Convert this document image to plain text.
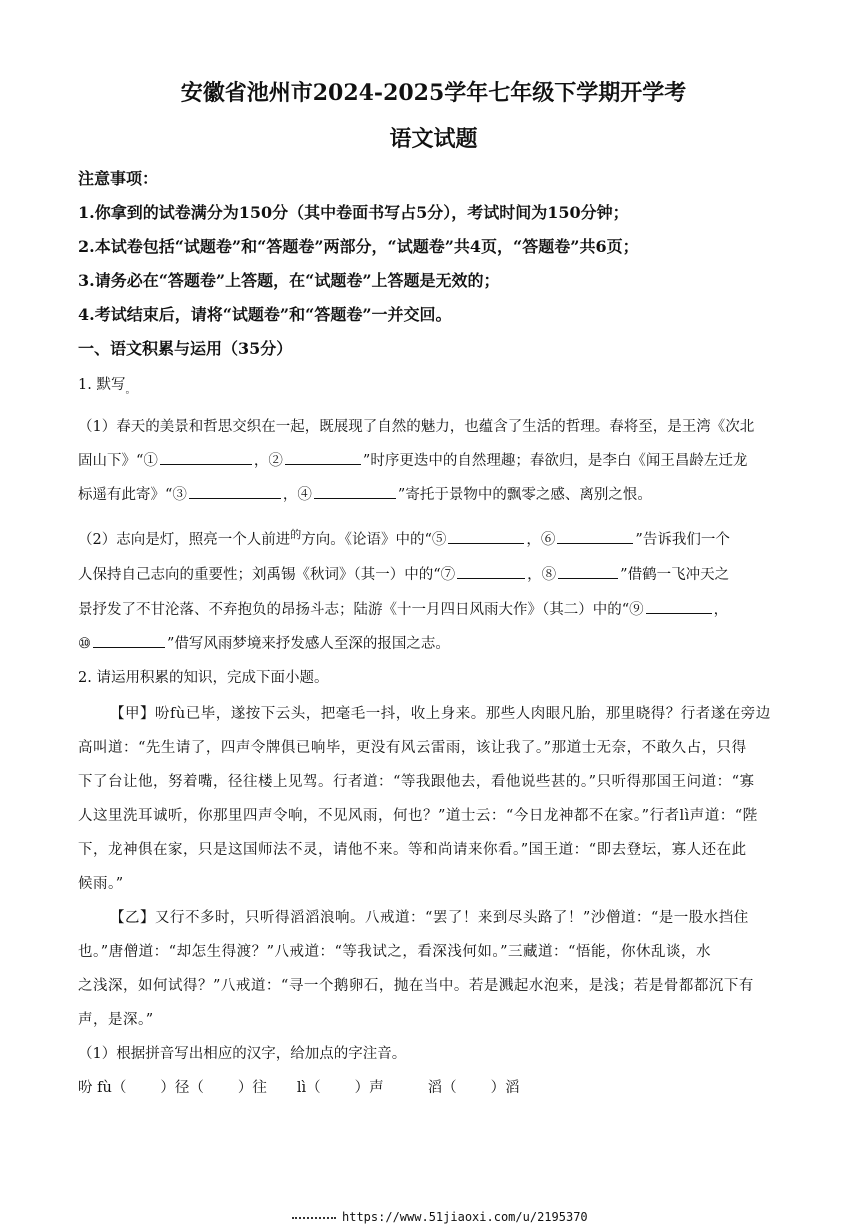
安徽省池州市2024-2025学年七年级下学期开学考
语文试题
注意事项：
1.你拿到的试卷满分为150分（其中卷面书写占5分），考试时间为150分钟；
2.本试卷包括“试题卷”和“答题卷”两部分，“试题卷”共4页，“答题卷”共6页；
3.请务必在“答题卷”上答题，在“试题卷”上答题是无效的；
4.考试结束后，请将“试题卷”和“答题卷”一并交回。
一、语文积累与运用（35分）
1. 默写$_。$
（1）春天的美景和哲思交织在一起，既展现了自然的魅力，也蕴含了生活的哲理。春将至，是王湾《次北
固山下》“①	，②	”时序更迭中的自然理趣；春欲归，是李白《闻王昌龄左迁龙
标遥有此寄》“③	，④	”寄托于景物中的飘零之感、离别之恨。
（2）志向是灯，照亮一个人前进$^的$方向。《论语》中的“⑤	，⑥	”告诉我们一个
人保持自己志向的重要性；刘禹锡《秋词》（其一）中的“⑦	，⑧	”借鹤一飞冲天之
景抒发了不甘沦落、不弃抱负的昂扬斗志；陆游《十一月四日风雨大作》（其二）中的“⑨	，
⑩	”借写风雨梦境来抒发感人至深的报国之志。
2. 请运用积累的知识，完成下面小题。
【甲】吩fù已毕，遂按下云头，把毫毛一抖，收上身来。那些人肉眼凡胎，那里晓得？行者遂在旁边
高叫道：“先生请了，四声令牌俱已响毕，更没有风云雷雨，该让我了。”那道士无奈，不敢久占，只得
下了台让他，努着嘴，径往楼上见驾。行者道：“等我跟他去，看他说些甚的。”只听得那国王问道：“寡
人这里洗耳诚听，你那里四声令响，不见风雨，何也？”道士云：“今日龙神都不在家。”行者lì声道：“陛
下，龙神俱在家，只是这国师法不灵，请他不来。等和尚请来你看。”国王道：“即去登坛，寡人还在此
候雨。”
【乙】又行不多时，只听得滔滔浪响。八戒道：“罢了！来到尽头路了！”沙僧道：“是一股水挡住
也。”唐僧道：“却怎生得渡？”八戒道：“等我试之，看深浅何如。”三藏道：“悟能，你休乱谈，水
之浅深，如何试得？”八戒道：“寻一个鹅卵石，抛在当中。若是溅起水泡来，是浅；若是骨都都沉下有
声，是深。”
（1）根据拼音写出相应的汉字，给加点的字注音。
吩 fù（ ）径（ ）往 lì（ ）声	滔（ ）滔
https://www.51jiaoxi.com/u/2195370
